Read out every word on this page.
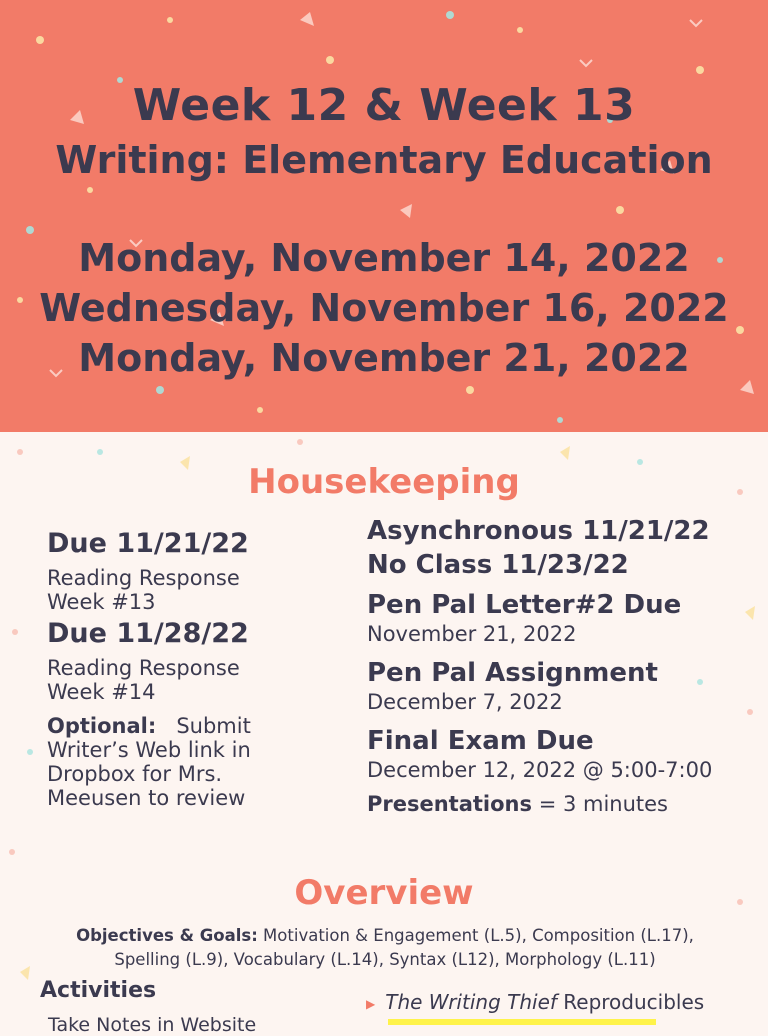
Week 12 & Week 13
Writing: Elementary Education
Monday, November 14, 2022
Wednesday, November 16, 2022
Monday, November 21, 2022
Housekeeping
Due 11/21/22
Reading Response
Week #13
Due 11/28/22
Reading Response
Week #14
Optional: Submit
Writer’s Web link in
Dropbox for Mrs.
Meeusen to review
Asynchronous 11/21/22
No Class 11/23/22
Pen Pal Letter#2 Due
November 21, 2022
Pen Pal Assignment
December 7, 2022
Final Exam Due
December 12, 2022 @ 5:00-7:00
Presentations = 3 minutes
Overview
Objectives & Goals: Motivation & Engagement (L.5), Composition (L.17),
Spelling (L.9), Vocabulary (L.14), Syntax (L12), Morphology (L.11)
Activities
Take Notes in Website
▶ The Writing Thief Reproducibles
